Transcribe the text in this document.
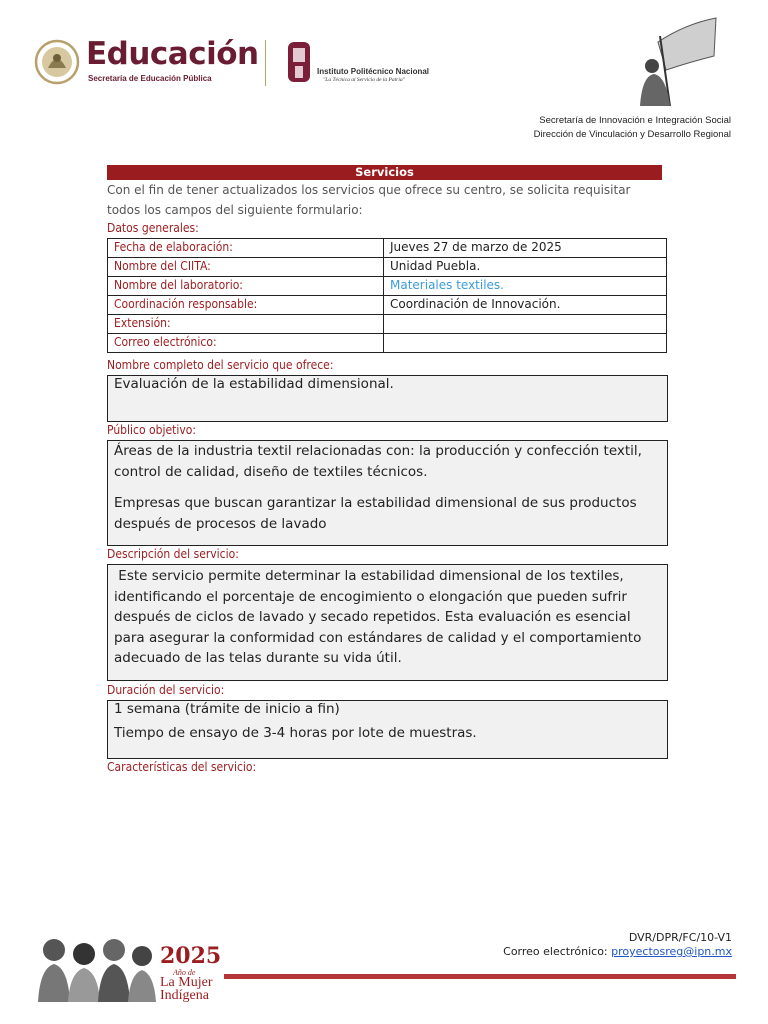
Educación
Secretaría de Educación Pública
Instituto Politécnico Nacional
"La Técnica al Servicio de la Patria"
Secretaría de Innovación e Integración Social
Dirección de Vinculación y Desarrollo Regional
Servicios
Con el fin de tener actualizados los servicios que ofrece su centro, se solicita requisitar todos los campos del siguiente formulario:
Datos generales:
Fecha de elaboración:	Jueves 27 de marzo de 2025
Nombre del CIITA:	Unidad Puebla.
Nombre del laboratorio:	Materiales textiles.
Coordinación responsable:	Coordinación de Innovación.
Extensión:	
Correo electrónico:	
Nombre completo del servicio que ofrece:

Evaluación de la estabilidad dimensional.

Público objetivo:

Áreas de la industria textil relacionadas con: la producción y confección textil, control de calidad, diseño de textiles técnicos.

Empresas que buscan garantizar la estabilidad dimensional de sus productos después de procesos de lavado

Descripción del servicio:

Este servicio permite determinar la estabilidad dimensional de los textiles, identificando el porcentaje de encogimiento o elongación que pueden sufrir después de ciclos de lavado y secado repetidos. Esta evaluación es esencial para asegurar la conformidad con estándares de calidad y el comportamiento adecuado de las telas durante su vida útil.

Duración del servicio:

1 semana (trámite de inicio a fin)

Tiempo de ensayo de 3-4 horas por lote de muestras.

Características del servicio:
2025
Año de
La Mujer
Indígena
DVR/DPR/FC/10-V1
Correo electrónico: proyectosreg@ipn.mx
